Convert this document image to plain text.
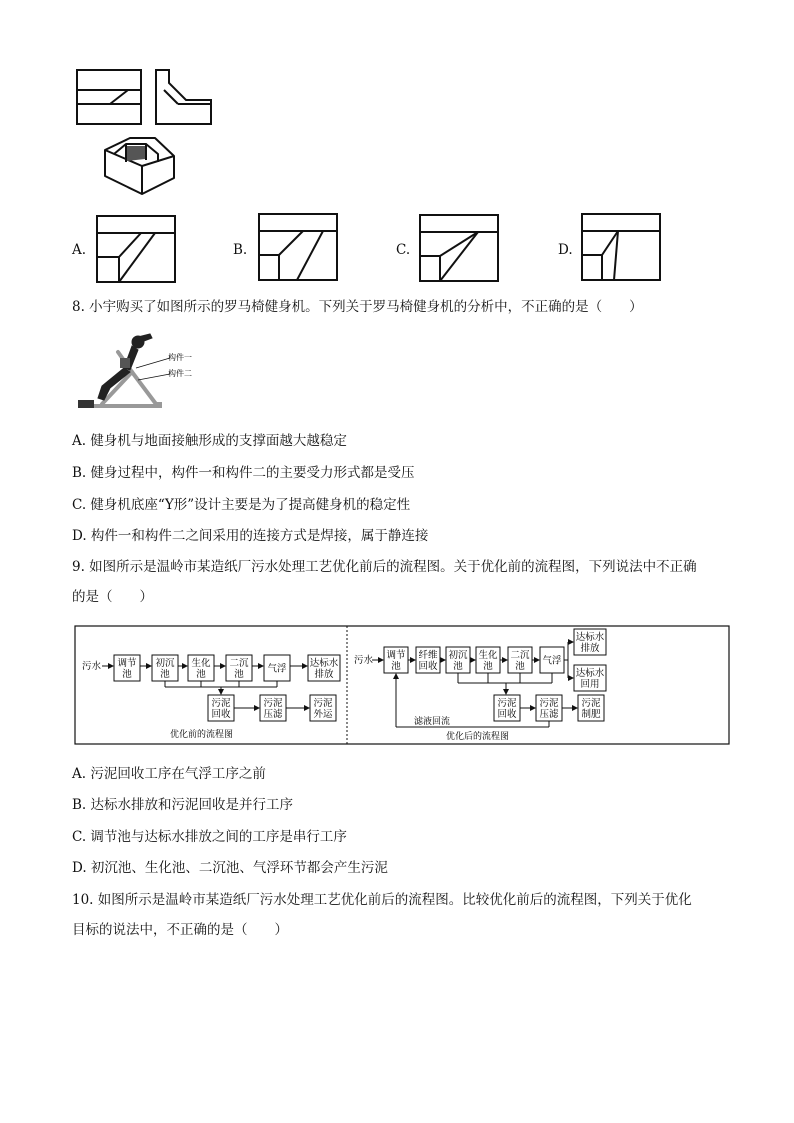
A.	B.	C.	D.
8. 小宇购买了如图所示的罗马椅健身机。下列关于罗马椅健身机的分析中，不正确的是（　　）
构件一
构件二
A. 健身机与地面接触形成的支撑面越大越稳定
B. 健身过程中，构件一和构件二的主要受力形式都是受压
C. 健身机底座“Y形”设计主要是为了提高健身机的稳定性
D. 构件一和构件二之间采用的连接方式是焊接，属于静连接
9. 如图所示是温岭市某造纸厂污水处理工艺优化前后的流程图。关于优化前的流程图，下列说法中不正确
的是（　　）
污水 调节池
初沉池
生化池
二沉池	气浮 达标水排放
污泥回收
污泥压滤
污泥外运
优化前的流程图
污水 调节池
纤维回收
初沉池
生化池
二沉池	气浮
达标水排放
达标水回用
污泥回收
污泥压滤
污泥制肥
滤液回流
优化后的流程图
A. 污泥回收工序在气浮工序之前
B. 达标水排放和污泥回收是并行工序
C. 调节池与达标水排放之间的工序是串行工序
D. 初沉池、生化池、二沉池、气浮环节都会产生污泥
10. 如图所示是温岭市某造纸厂污水处理工艺优化前后的流程图。比较优化前后的流程图，下列关于优化
目标的说法中，不正确的是（　　）
